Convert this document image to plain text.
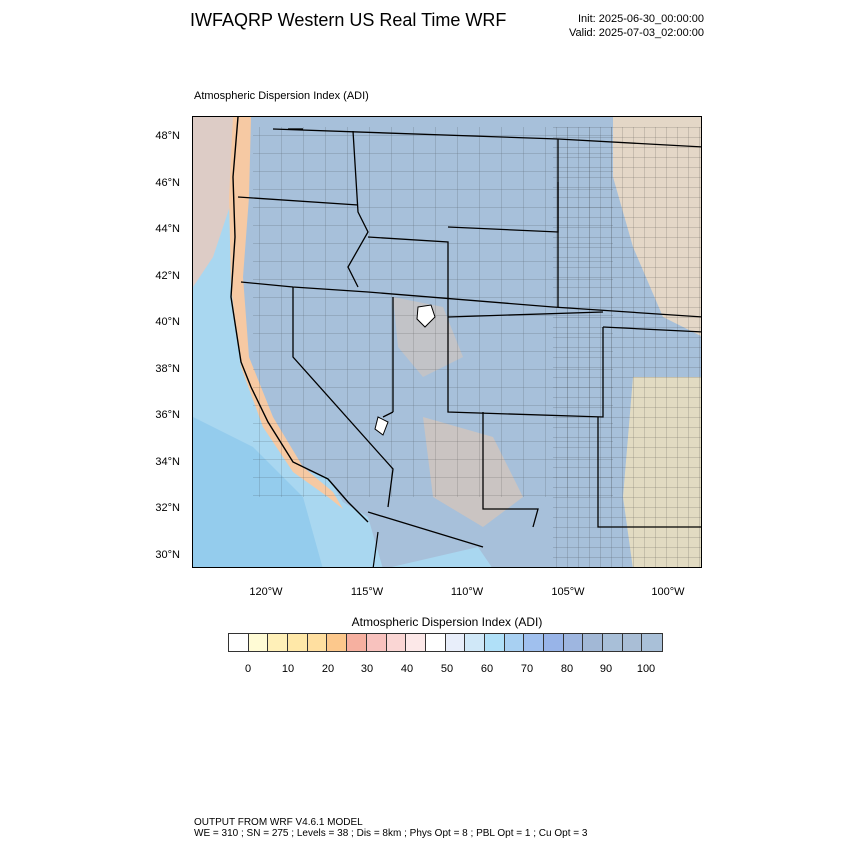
IWFAQRP Western US Real Time WRF	Init: 2025-06-30_00:00:00
Valid: 2025-07-03_02:00:00
Atmospheric Dispersion Index (ADI)
48°N
46°N
44°N
42°N
40°N
38°N
36°N
34°N
32°N
30°N
120°W	115°W	110°W	105°W	100°W
Atmospheric Dispersion Index (ADI)
0	10	20 30	40	50	60	70	80 90 100
OUTPUT FROM WRF V4.6.1 MODEL
WE = 310 ; SN = 275 ; Levels = 38 ; Dis = 8km ; Phys Opt = 8 ; PBL Opt = 1 ; Cu Opt = 3
